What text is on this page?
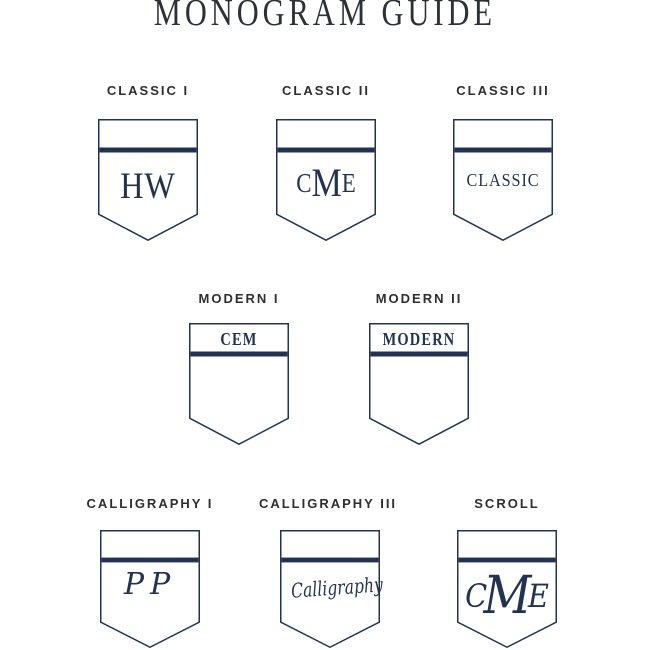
MONOGRAM GUIDE
CLASSIC I
HW
CLASSIC II
C M E
CLASSIC III
CLASSIC
MODERN I
CEM
MODERN II
MODERN
CALLIGRAPHY I
PP
CALLIGRAPHY III
Calligraphy
SCROLL
C
M
E
